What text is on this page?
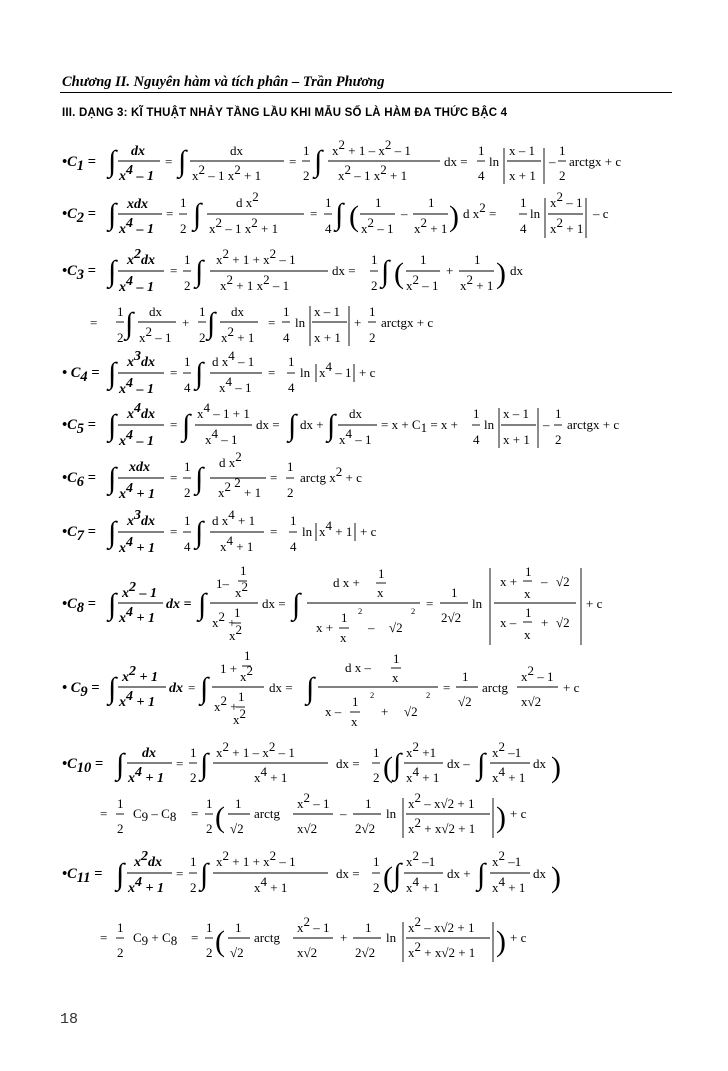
Chương II. Nguyên hàm và tích phân – Trần Phương
III. DẠNG 3: KĨ THUẬT NHẢY TẦNG LẦU KHI MẪU SỐ LÀ HÀM ĐA THỨC BẬC 4
•C1 = ∫ dx
x4 – 1
= ∫	dx
x2 – 1 x2 + 1
=
1
2 ∫ x2 + 1 – x2 – 1
x2 – 1 x2 + 1
dx =
1
4
ln
x – 1
x + 1
–
1
2
arctgx + c
•C2 = ∫ xdx
x4 – 1
=
1
2 ∫	d x2
x2 – 1 x2 + 1
=
1
4 ∫ ( 1
x2 – 1
–
1
x2 + 1 ) d x2 =
1
4
ln
x2 – 1
x2 + 1
– c
•C3 = ∫ x2dx
x4 – 1
=
1
2 ∫ x2 + 1 + x2 – 1
x2 + 1 x2 – 1
dx =
1
2 ∫ ( 1
x2 – 1
+
1
x2 + 1 ) dx
=
1
2 ∫ dx
x2 – 1
+
1
2 ∫ dx
x2 + 1
=
1
4
ln
x – 1
x + 1
+
1
2
arctgx + c
• C4 = ∫ x3dx
x4 – 1
=
1
4 ∫ d x4 – 1
x4 – 1
=
1
4
ln x4 – 1 + c
•C5 = ∫ x4dx
x4 – 1
= ∫ x4 – 1 + 1
x4 – 1
dx = ∫ dx + ∫ dx
x4 – 1
= x + C1 = x +
1
4
ln
x – 1
x + 1
–
1
2
arctgx + c
•C6 = ∫ xdx
x4 + 1
=
1
2 ∫ d x2
x2 2 + 1
=
1
2
arctg x2 + c
•C7 = ∫ x3dx
x4 + 1
=
1
4 ∫ d x4 + 1
x4 + 1
=
1
4
ln x4 + 1 + c
•C8 = ∫ x2 – 1
x4 + 1
dx = ∫
1
1–
x2
x2 +
1
x2
dx = ∫
d x +
1
x
x +
1
x
2
– √2
2 =
1
2√2
ln
x +
1
x
– √2
x –
1
x
+ √2
+ c
• C9 = ∫ x2 + 1
x4 + 1
dx = ∫
1
1 +
x2
x2 +
1
x2
dx = ∫
d x –
1
x
x –
1
x
2
+ √2
2 =
1
√2
arctg
x2 – 1
x√2
+ c
•C10 = ∫ dx
x4 + 1
=
1
2 ∫ x2 + 1 – x2 – 1
x4 + 1
dx =
1
2 ( ∫ x2 +1
x4 + 1
dx – ∫ x2 –1
x4 + 1
dx )
=
1
2
C9 – C8 =
1
2 ( 1
√2
arctg
x2 – 1
x√2
–
1
2√2
ln
x2 – x√2 + 1
x2 + x√2 + 1 ) + c
•C11 = ∫ x2dx
x4 + 1
=
1
2 ∫ x2 + 1 + x2 – 1
x4 + 1
dx =
1
2 ( ∫ x2 –1
x4 + 1
dx + ∫ x2 –1
x4 + 1
dx )
=
1
2
C9 + C8 =
1
2 ( 1
√2
arctg
x2 – 1
x√2
+
1
2√2
ln
x2 – x√2 + 1
x2 + x√2 + 1 ) + c
18
